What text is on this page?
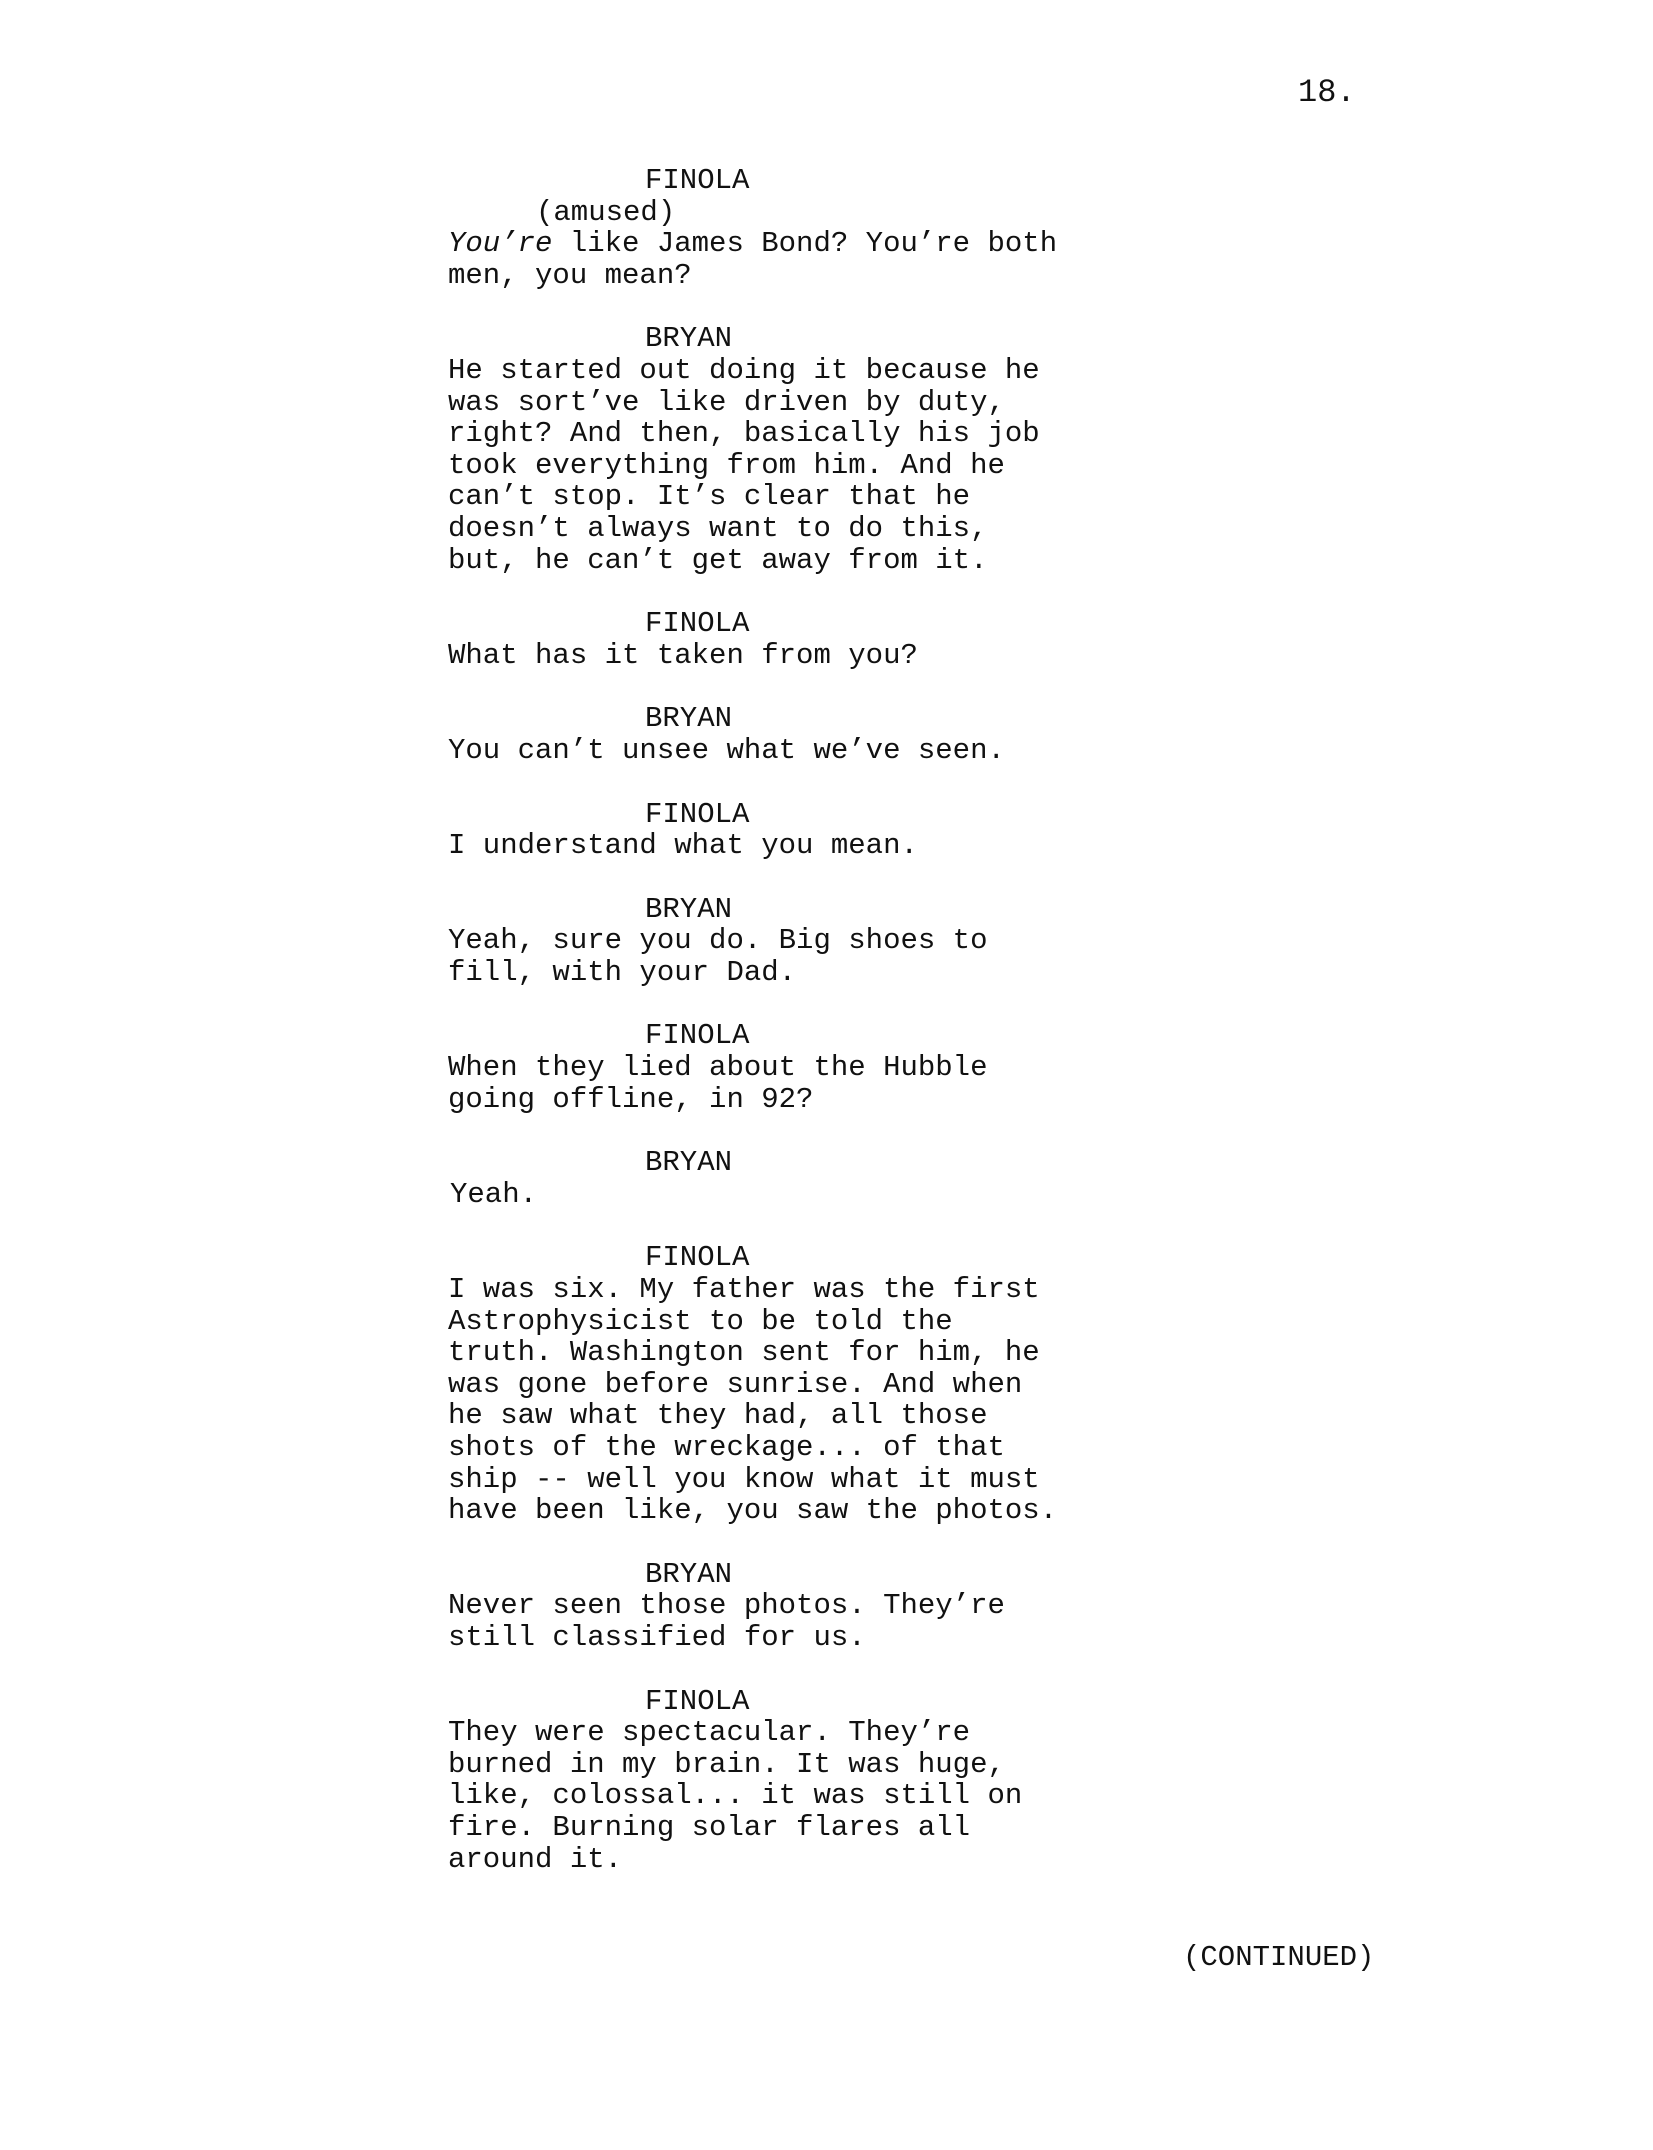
18.
FINOLA
(amused)
You’re like James Bond? You’re both
men, you mean?
BRYAN
He started out doing it because he
was sort’ve like driven by duty,
right? And then, basically his job
took everything from him. And he
can’t stop. It’s clear that he
doesn’t always want to do this,
but, he can’t get away from it.
FINOLA
What has it taken from you?
BRYAN
You can’t unsee what we’ve seen.
FINOLA
I understand what you mean.
BRYAN
Yeah, sure you do. Big shoes to
fill, with your Dad.
FINOLA
When they lied about the Hubble
going offline, in 92?
BRYAN
Yeah.
FINOLA
I was six. My father was the first
Astrophysicist to be told the
truth. Washington sent for him, he
was gone before sunrise. And when
he saw what they had, all those
shots of the wreckage... of that
ship -- well you know what it must
have been like, you saw the photos.
BRYAN
Never seen those photos. They’re
still classified for us.
FINOLA
They were spectacular. They’re
burned in my brain. It was huge,
like, colossal... it was still on
fire. Burning solar flares all
around it.
(CONTINUED)
